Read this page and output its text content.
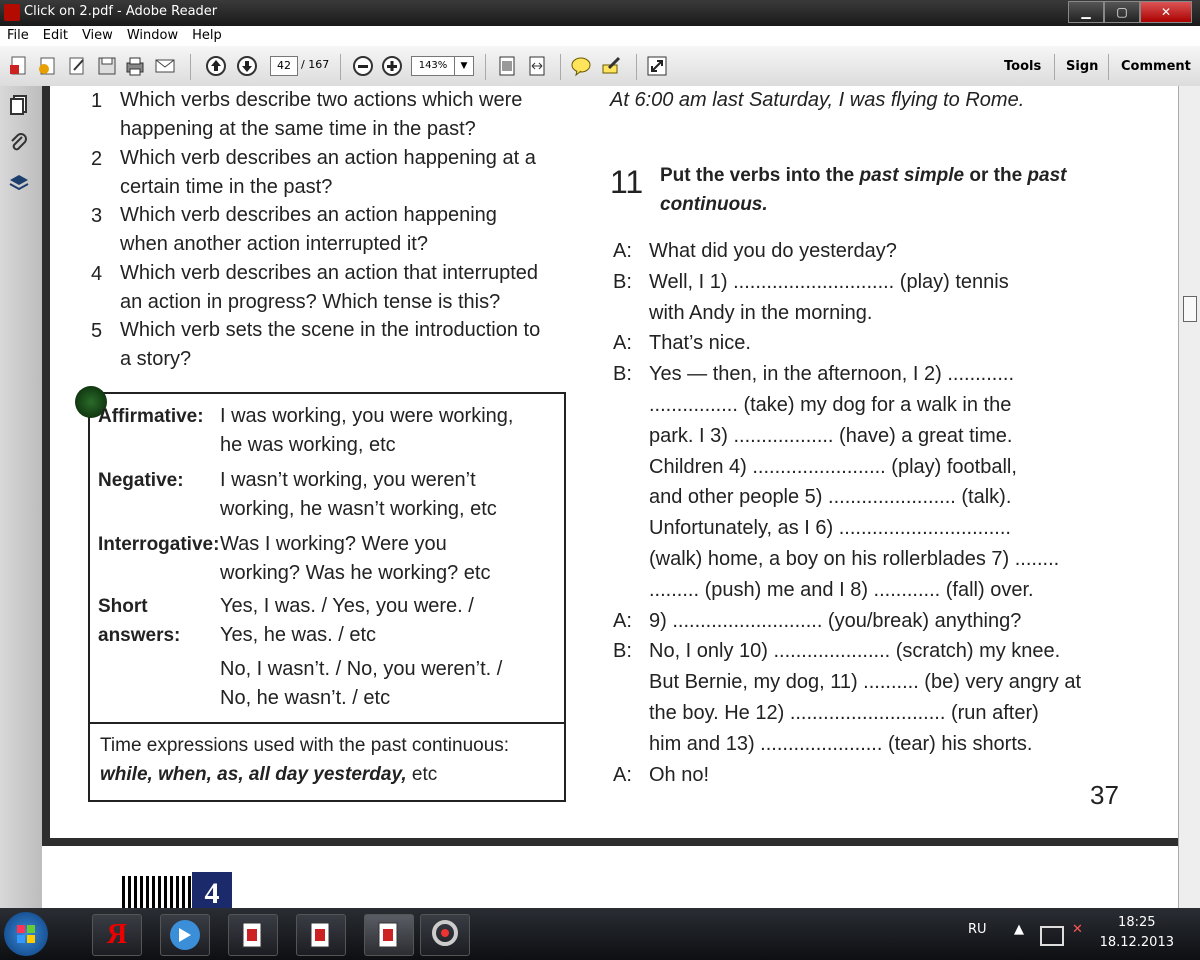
Click on 2.pdf - Adobe Reader	▁	▢	✕
File	Edit	View	Window	Help
42 / 167	143%	▼	Tools Sign Comment
1 Which verbs describe two actions which were
happening at the same time in the past?
2 Which verb describes an action happening at a
certain time in the past?
3 Which verb describes an action happening
when another action interrupted it?
4 Which verb describes an action that interrupted
an action in progress? Which tense is this?
5 Which verb sets the scene in the introduction to
a story?
Affirmative: I was working, you were working,
he was working, etc
Negative: I wasn’t working, you weren’t
working, he wasn’t working, etc
Interrogative: Was I working? Were you
working? Was he working? etc
Short
answers:
Yes, I was. / Yes, you were. /
Yes, he was. / etc
No, I wasn’t. / No, you weren’t. /
No, he wasn’t. / etc
Time expressions used with the past continuous:
while, when, as, all day yesterday, etc
At 6:00 am last Saturday, I was flying to Rome.
11 Put the verbs into the past simple or the past
continuous.
A: What did you do yesterday?
B: Well, I 1) ............................. (play) tennis
with Andy in the morning.
A: That’s nice.
B: Yes — then, in the afternoon, I 2) ............
................ (take) my dog for a walk in the
park. I 3) .................. (have) a great time.
Children 4) ........................ (play) football,
and other people 5) ....................... (talk).
Unfortunately, as I 6) ...............................
(walk) home, a boy on his rollerblades 7) ........
......... (push) me and I 8) ............ (fall) over.
A: 9) ........................... (you/break) anything?
B: No, I only 10) ..................... (scratch) my knee.
But Bernie, my dog, 11) .......... (be) very angry at
the boy. He 12) ............................ (run after)
him and 13) ...................... (tear) his shorts.
A: Oh no!
37
4
Я	RU ▲	✕	18:25
18.12.2013
